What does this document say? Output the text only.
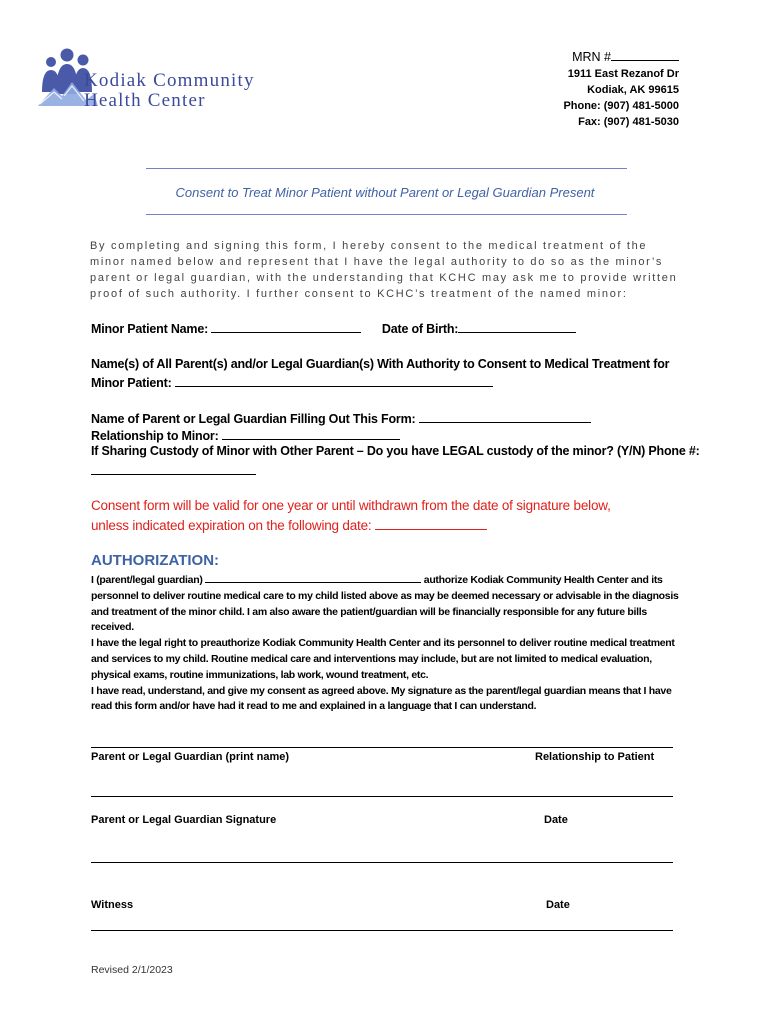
Kodiak Community
Health Center
MRN #
1911 East Rezanof Dr
Kodiak, AK 99615
Phone: (907) 481-5000
Fax: (907) 481-5030
Consent to Treat Minor Patient without Parent or Legal Guardian Present
By completing and signing this form, I hereby consent to the medical treatment of the minor named below and represent that I have the legal authority to do so as the minor’s parent or legal guardian, with the understanding that KCHC may ask me to provide written proof of such authority. I further consent to KCHC’s treatment of the named minor:
Minor Patient Name:	Date of Birth:
Name(s) of All Parent(s) and/or Legal Guardian(s) With Authority to Consent to Medical Treatment for
Minor Patient:
Name of Parent or Legal Guardian Filling Out This Form:
Relationship to Minor:
If Sharing Custody of Minor with Other Parent – Do you have LEGAL custody of the minor? (Y/N) Phone #:
Consent form will be valid for one year or until withdrawn from the date of signature below,
unless indicated expiration on the following date:
AUTHORIZATION:
I (parent/legal guardian)	authorize Kodiak Community Health Center and its personnel to deliver routine medical care to my child listed above as may be deemed necessary or advisable in the diagnosis and treatment of the minor child. I am also aware the patient/guardian will be financially responsible for any future bills received.
I have the legal right to preauthorize Kodiak Community Health Center and its personnel to deliver routine medical treatment and services to my child. Routine medical care and interventions may include, but are not limited to medical evaluation, physical exams, routine immunizations, lab work, wound treatment, etc.
I have read, understand, and give my consent as agreed above. My signature as the parent/legal guardian means that I have read this form and/or have had it read to me and explained in a language that I can understand.
Parent or Legal Guardian (print name)	Relationship to Patient
Parent or Legal Guardian Signature	Date
Witness	Date
Revised 2/1/2023
